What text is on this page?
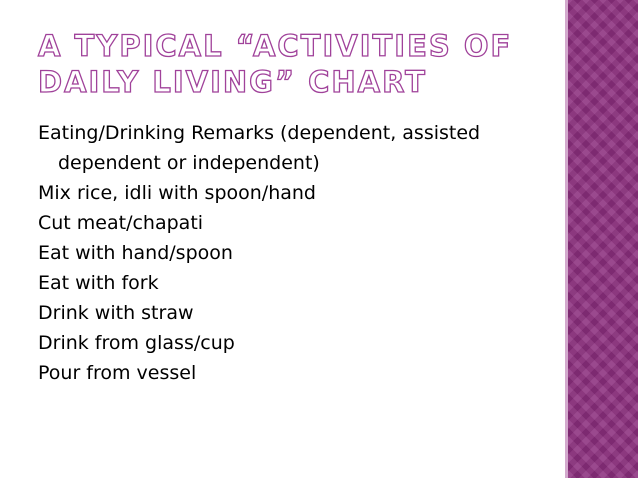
A TYPICAL “ACTIVITIES OF DAILY LIVING” CHART

Eating/Drinking Remarks (dependent, assisted dependent or independent)

Mix rice, idli with spoon/hand

Cut meat/chapati

Eat with hand/spoon

Eat with fork

Drink with straw

Drink from glass/cup

Pour from vessel
